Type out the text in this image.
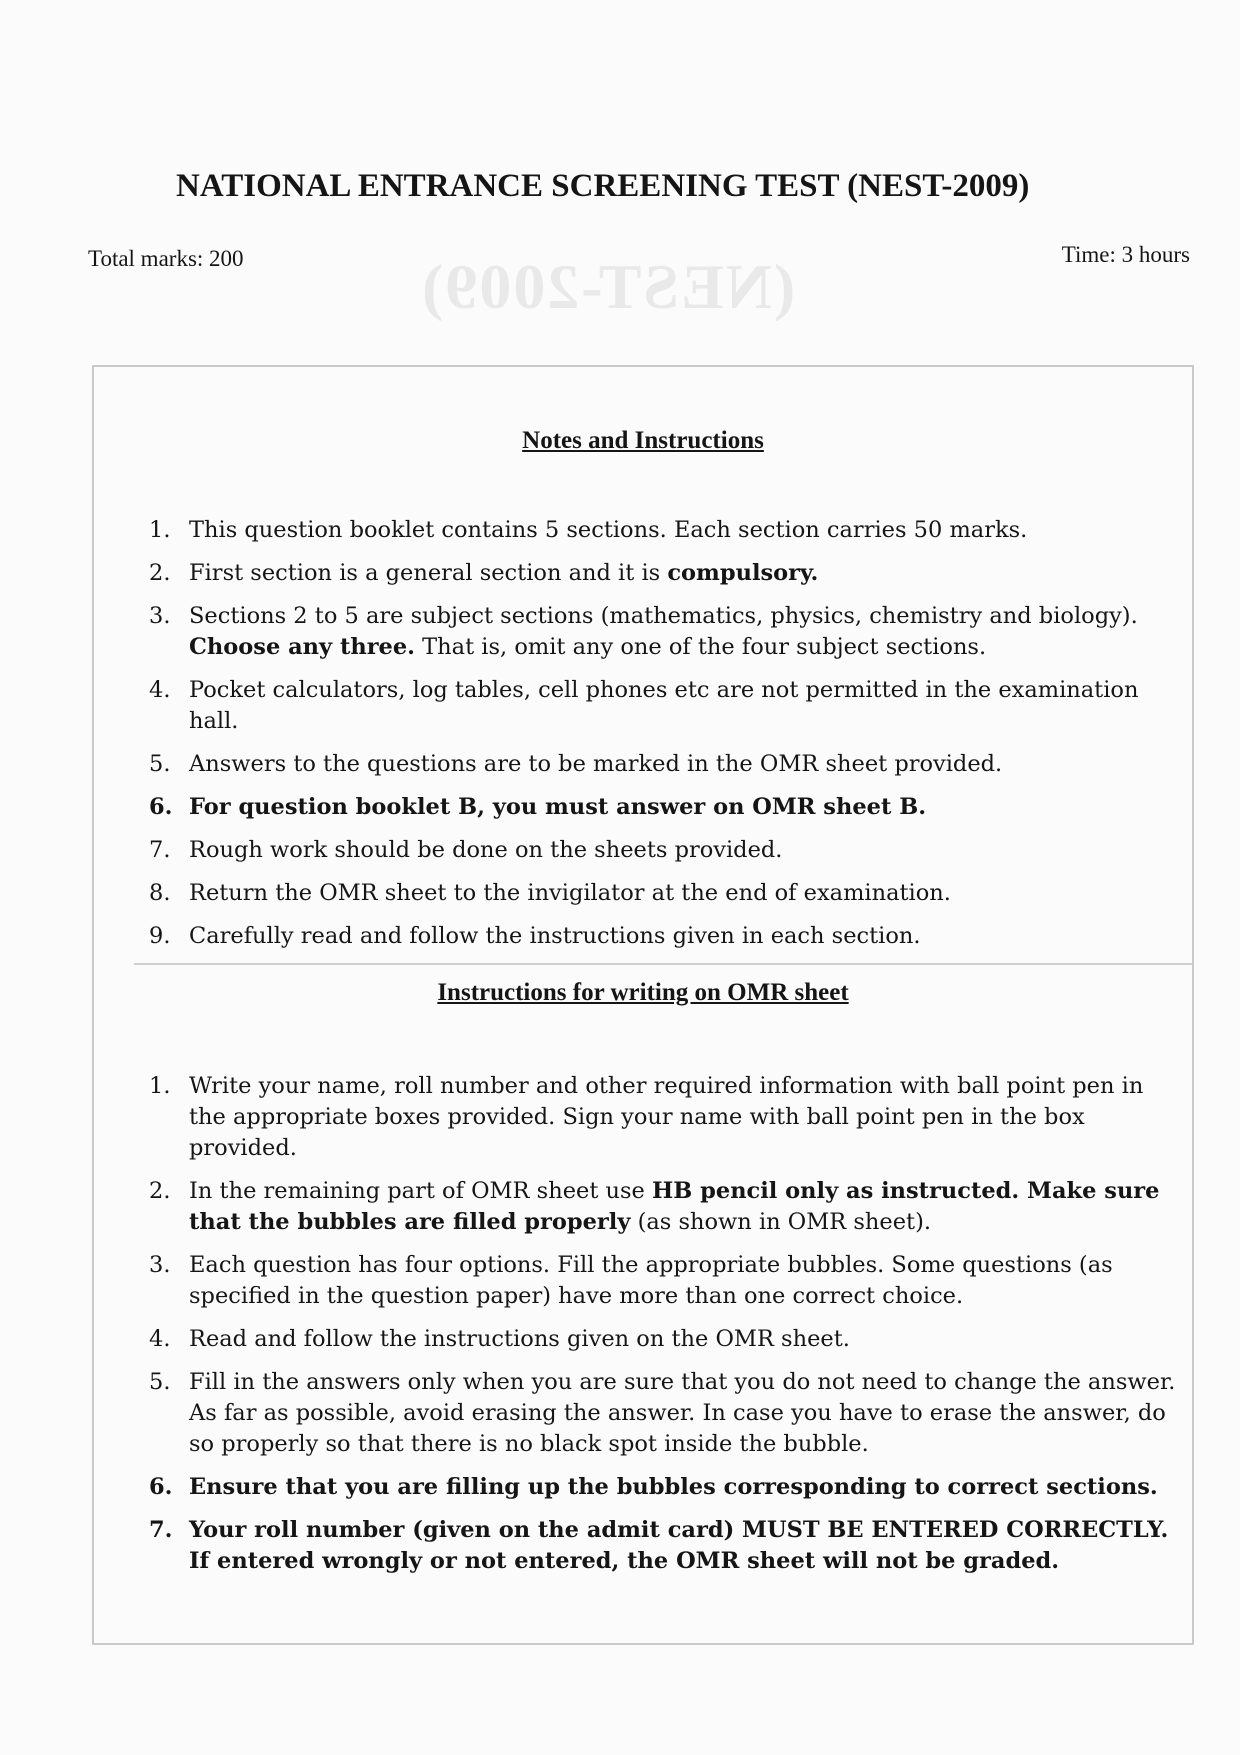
(NEST-2009)
NATIONAL ENTRANCE SCREENING TEST (NEST-2009)
Total marks: 200	Time: 3 hours
Notes and Instructions
1. This question booklet contains 5 sections. Each section carries 50 marks.
2. First section is a general section and it is compulsory.
3. Sections 2 to 5 are subject sections (mathematics, physics, chemistry and biology). Choose any three. That is, omit any one of the four subject sections.
4. Pocket calculators, log tables, cell phones etc are not permitted in the examination hall.
5. Answers to the questions are to be marked in the OMR sheet provided.
6. For question booklet B, you must answer on OMR sheet B.
7. Rough work should be done on the sheets provided.
8. Return the OMR sheet to the invigilator at the end of examination.
9. Carefully read and follow the instructions given in each section.
Instructions for writing on OMR sheet
1. Write your name, roll number and other required information with ball point pen in the appropriate boxes provided. Sign your name with ball point pen in the box provided.
2. In the remaining part of OMR sheet use HB pencil only as instructed. Make sure that the bubbles are filled properly (as shown in OMR sheet).
3. Each question has four options. Fill the appropriate bubbles. Some questions (as specified in the question paper) have more than one correct choice.
4. Read and follow the instructions given on the OMR sheet.
5. Fill in the answers only when you are sure that you do not need to change the answer. As far as possible, avoid erasing the answer. In case you have to erase the answer, do so properly so that there is no black spot inside the bubble.
6. Ensure that you are filling up the bubbles corresponding to correct sections.
7. Your roll number (given on the admit card) MUST BE ENTERED CORRECTLY. If entered wrongly or not entered, the OMR sheet will not be graded.
